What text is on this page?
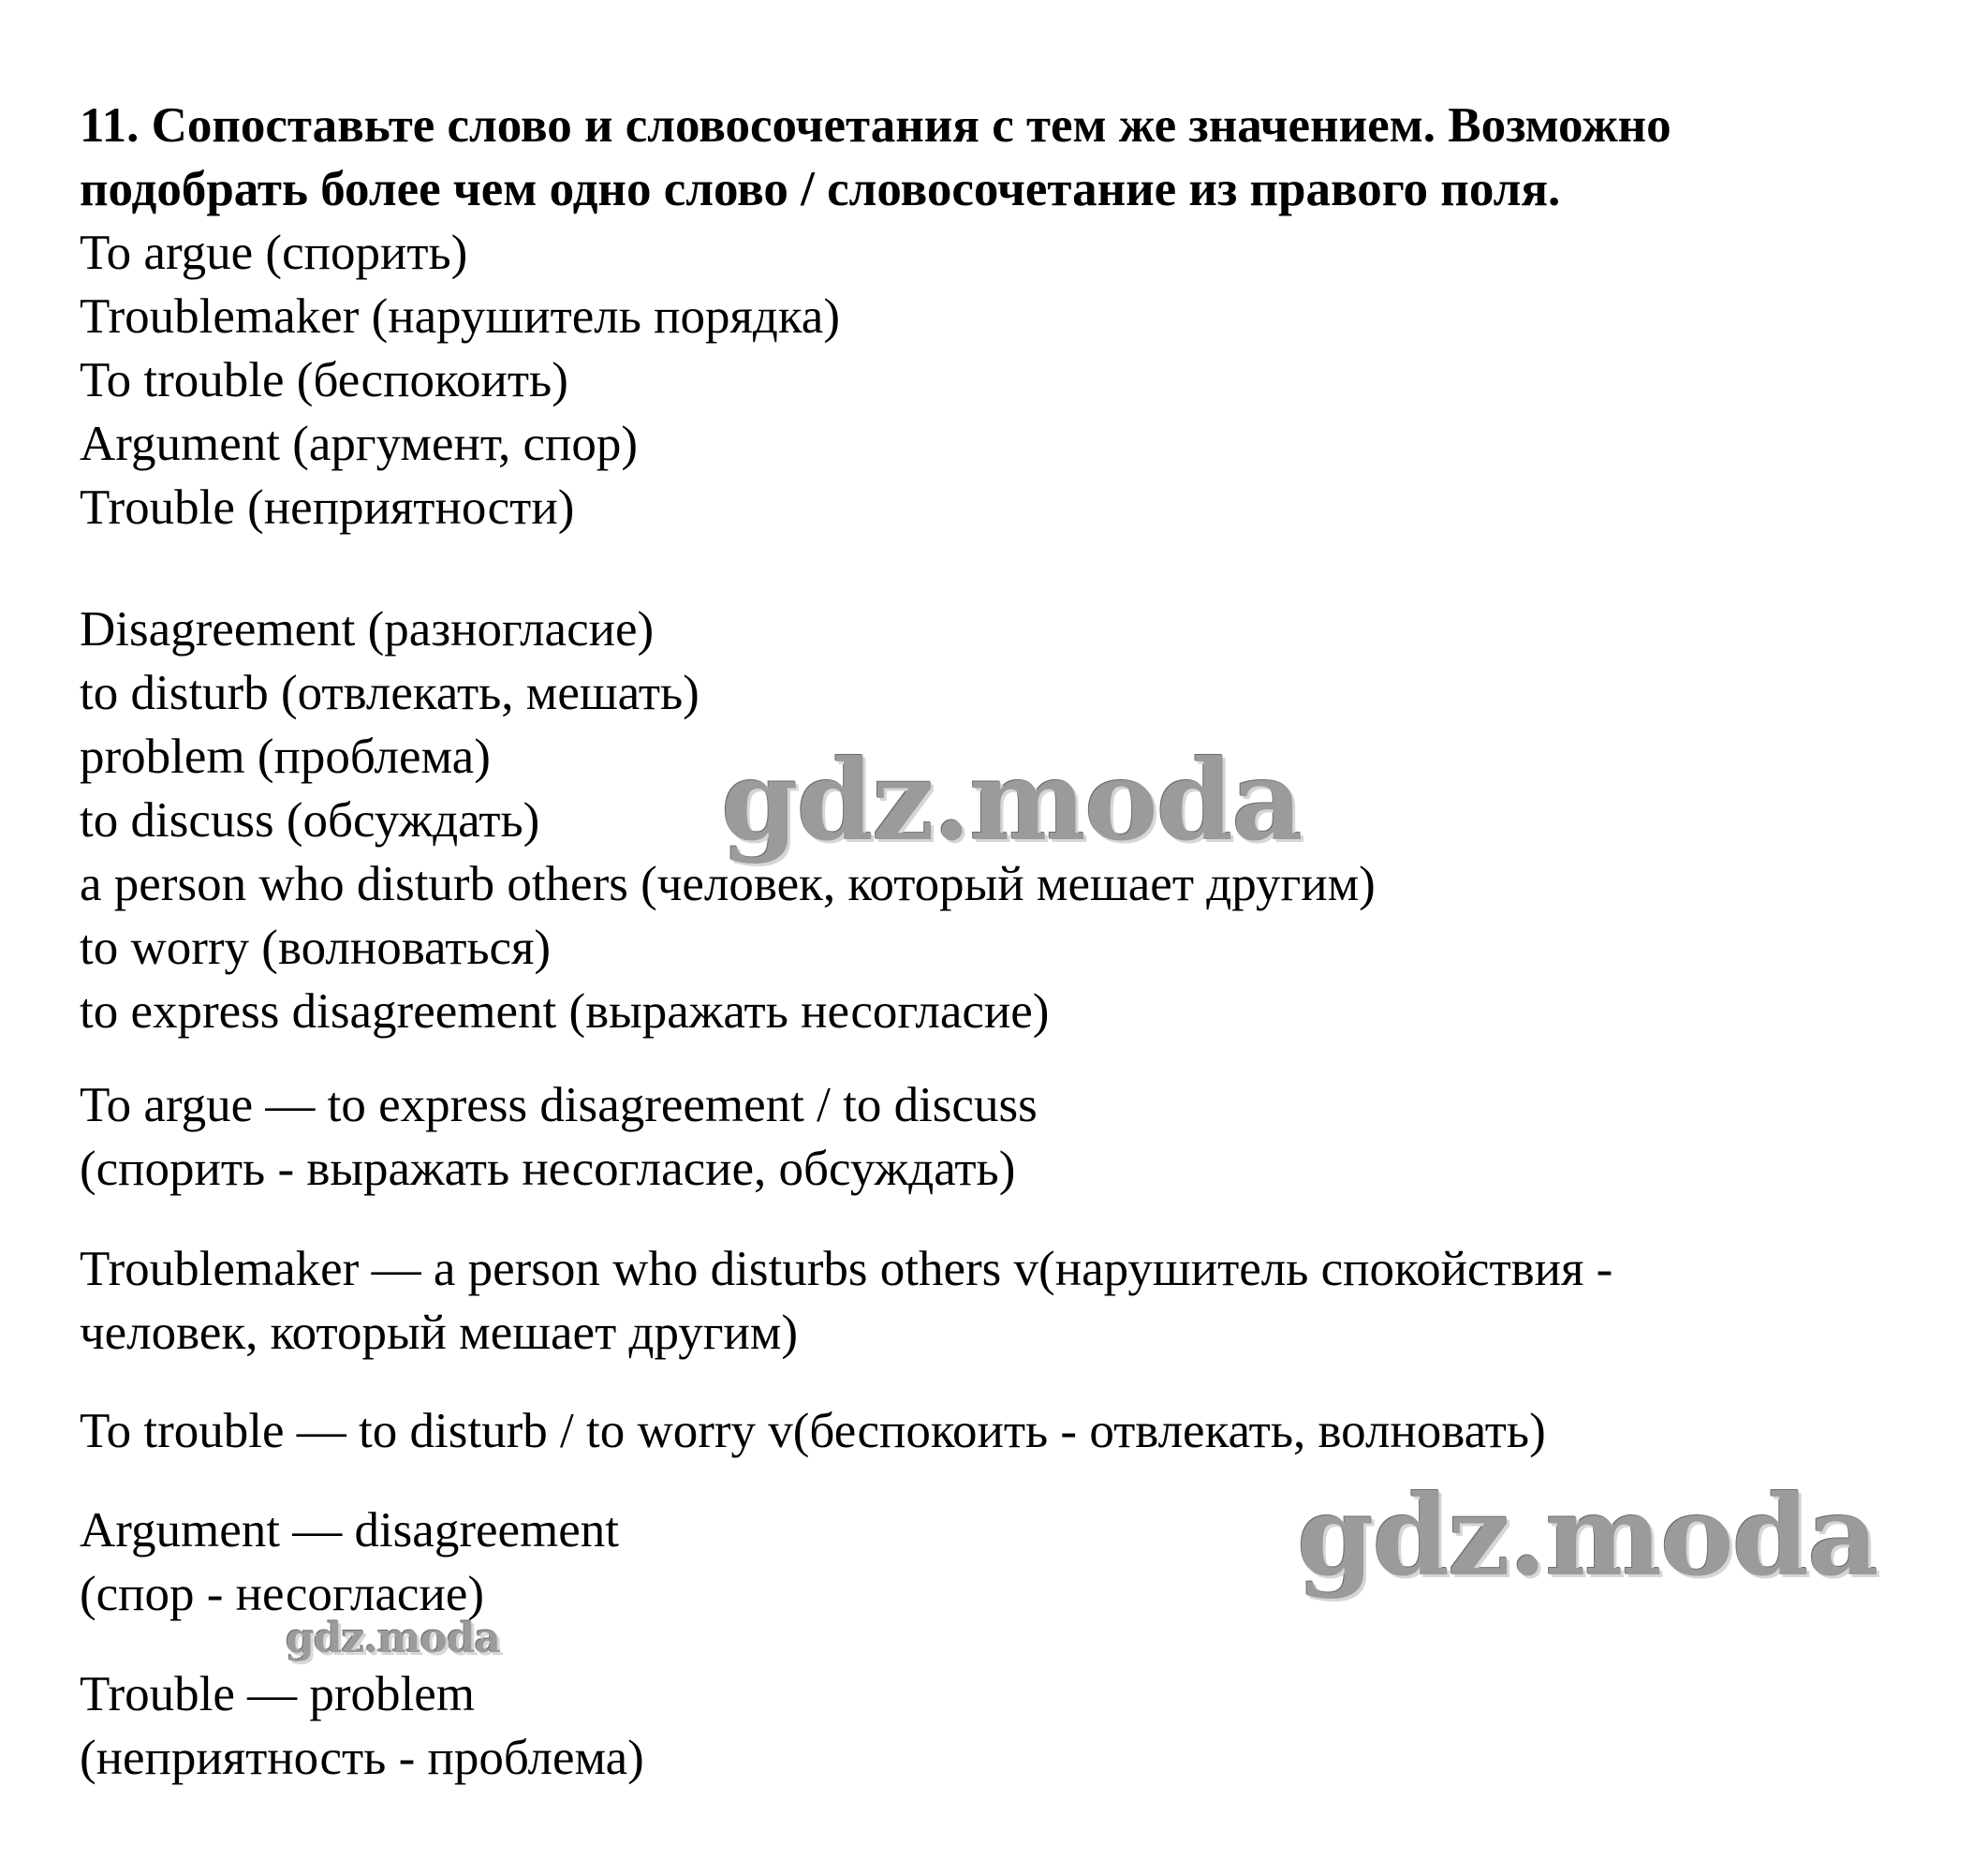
11. Сопоставьте слово и словосочетания с тем же значением. Возможно
подобрать более чем одно слово / словосочетание из правого поля.
To argue (спорить)
Troublemaker (нарушитель порядка)
To trouble (беспокоить)
Argument (аргумент, спор)
Trouble (неприятности)
Disagreement (разногласие)
to disturb (отвлекать, мешать)
problem (проблема)
to discuss (обсуждать)
a person who disturb others (человек, который мешает другим)
to worry (волноваться)
to express disagreement (выражать несогласие)
To argue — to express disagreement / to discuss
(спорить - выражать несогласие, обсуждать)
Troublemaker — a person who disturbs others v(нарушитель спокойствия -
человек, который мешает другим)
To trouble — to disturb / to worry v(беспокоить - отвлекать, волновать)
Argument — disagreement
(спор - несогласие)
Trouble — problem
(неприятность - проблема)
gdz.moda
gdz.moda
gdz.moda
